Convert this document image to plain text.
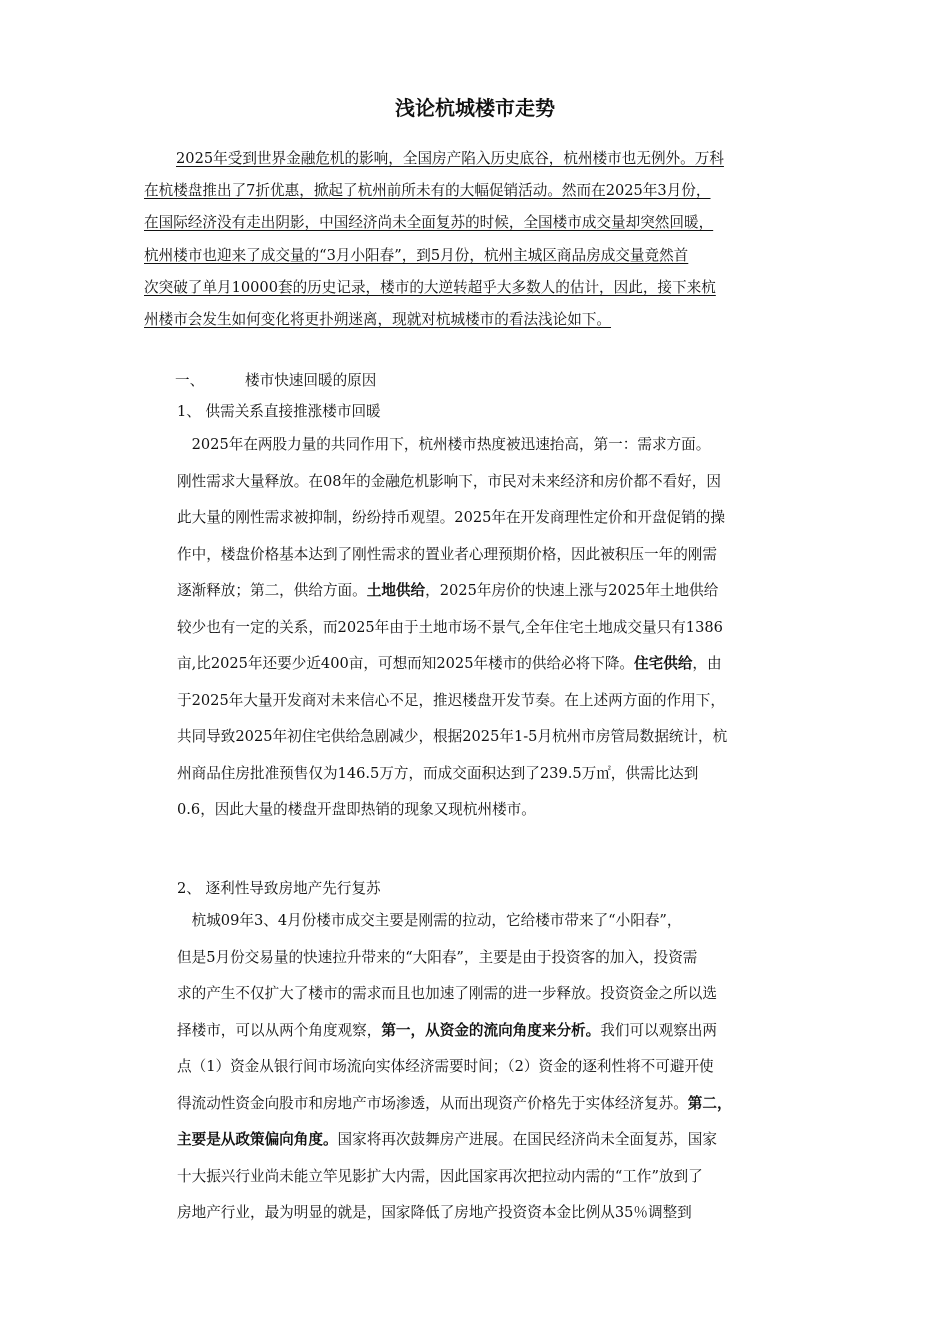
浅论杭城楼市走势
2025年受到世界金融危机的影响，全国房产陷入历史底谷，杭州楼市也无例外。万科
在杭楼盘推出了7折优惠，掀起了杭州前所未有的大幅促销活动。然而在2025年3月份，
在国际经济没有走出阴影，中国经济尚未全面复苏的时候，全国楼市成交量却突然回暖，
杭州楼市也迎来了成交量的“3月小阳春”，到5月份，杭州主城区商品房成交量竟然首
次突破了单月10000套的历史记录，楼市的大逆转超乎大多数人的估计，因此，接下来杭
州楼市会发生如何变化将更扑朔迷离，现就对杭城楼市的看法浅论如下。
一、	楼市快速回暖的原因
1、 供需关系直接推涨楼市回暖
　2025年在两股力量的共同作用下，杭州楼市热度被迅速抬高，第一：需求方面。
刚性需求大量释放。在08年的金融危机影响下，市民对未来经济和房价都不看好，因
此大量的刚性需求被抑制，纷纷持币观望。2025年在开发商理性定价和开盘促销的操
作中，楼盘价格基本达到了刚性需求的置业者心理预期价格，因此被积压一年的刚需
逐渐释放；第二，供给方面。土地供给，2025年房价的快速上涨与2025年土地供给
较少也有一定的关系，而2025年由于土地市场不景气,全年住宅土地成交量只有1386
亩,比2025年还要少近400亩，可想而知2025年楼市的供给必将下降。住宅供给，由
于2025年大量开发商对未来信心不足，推迟楼盘开发节奏。在上述两方面的作用下，
共同导致2025年初住宅供给急剧减少，根据2025年1-5月杭州市房管局数据统计，杭
州商品住房批准预售仅为146.5万方，而成交面积达到了239.5万㎡，供需比达到
0.6，因此大量的楼盘开盘即热销的现象又现杭州楼市。
2、 逐利性导致房地产先行复苏
　杭城09年3、4月份楼市成交主要是刚需的拉动，它给楼市带来了“小阳春”，
但是5月份交易量的快速拉升带来的“大阳春”，主要是由于投资客的加入，投资需
求的产生不仅扩大了楼市的需求而且也加速了刚需的进一步释放。投资资金之所以选
择楼市，可以从两个角度观察，第一，从资金的流向角度来分析。我们可以观察出两
点（1）资金从银行间市场流向实体经济需要时间；（2）资金的逐利性将不可避开使
得流动性资金向股市和房地产市场渗透，从而出现资产价格先于实体经济复苏。第二，
主要是从政策偏向角度。国家将再次鼓舞房产进展。在国民经济尚未全面复苏，国家
十大振兴行业尚未能立竿见影扩大内需，因此国家再次把拉动内需的“工作”放到了
房地产行业，最为明显的就是，国家降低了房地产投资资本金比例从35％调整到
